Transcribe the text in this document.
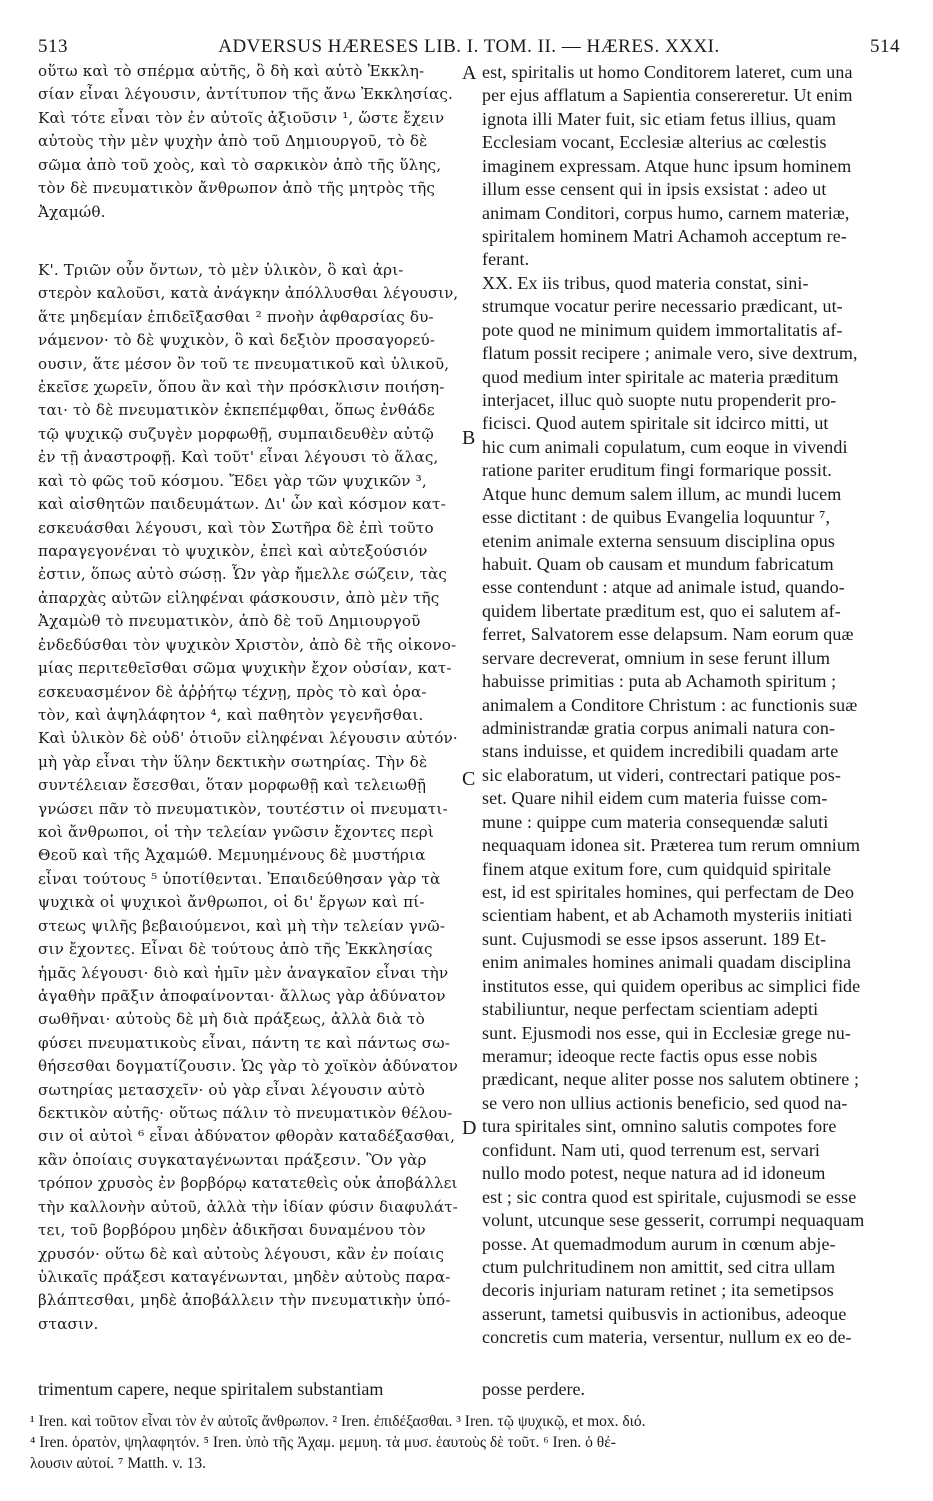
513	ADVERSUS HÆRESES LIB. I. TOM. II. — HÆRES. XXXI.	514
οὕτω καὶ τὸ σπέρμα αὐτῆς, ὃ δὴ καὶ αὐτὸ Ἐκκλη-
σίαν εἶναι λέγουσιν, ἀντίτυπον τῆς ἄνω Ἐκκλησίας.
Καὶ τότε εἶναι τὸν ἐν αὐτοῖς ἀξιοῦσιν ¹, ὥστε ἔχειν
αὐτοὺς τὴν μὲν ψυχὴν ἀπὸ τοῦ Δημιουργοῦ, τὸ δὲ
σῶμα ἀπὸ τοῦ χοὸς, καὶ τὸ σαρκικὸν ἀπὸ τῆς ὕλης,
τὸν δὲ πνευματικὸν ἄνθρωπον ἀπὸ τῆς μητρὸς τῆς
Ἀχαμώθ.
Κ'. Τριῶν οὖν ὄντων, τὸ μὲν ὑλικὸν, ὃ καὶ ἀρι-
στερὸν καλοῦσι, κατὰ ἀνάγκην ἀπόλλυσθαι λέγουσιν,
ἅτε μηδεμίαν ἐπιδεῖξασθαι ² πνοὴν ἀφθαρσίας δυ-
νάμενον· τὸ δὲ ψυχικὸν, ὃ καὶ δεξιὸν προσαγορεύ-
ουσιν, ἅτε μέσον ὂν τοῦ τε πνευματικοῦ καὶ ὑλικοῦ,
ἐκεῖσε χωρεῖν, ὅπου ἂν καὶ τὴν πρόσκλισιν ποιήση-
ται· τὸ δὲ πνευματικὸν ἐκπεπέμφθαι, ὅπως ἐνθάδε
τῷ ψυχικῷ συζυγὲν μορφωθῇ, συμπαιδευθὲν αὐτῷ
ἐν τῇ ἀναστροφῇ. Καὶ τοῦτ' εἶναι λέγουσι τὸ ἅλας,
καὶ τὸ φῶς τοῦ κόσμου. Ἔδει γὰρ τῶν ψυχικῶν ³,
καὶ αἰσθητῶν παιδευμάτων. Δι' ὧν καὶ κόσμον κατ-
εσκευάσθαι λέγουσι, καὶ τὸν Σωτῆρα δὲ ἐπὶ τοῦτο
παραγεγονέναι τὸ ψυχικὸν, ἐπεὶ καὶ αὐτεξούσιόν
ἐστιν, ὅπως αὐτὸ σώσῃ. Ὧν γὰρ ἤμελλε σώζειν, τὰς
ἀπαρχὰς αὐτῶν εἰληφέναι φάσκουσιν, ἀπὸ μὲν τῆς
Ἀχαμὼθ τὸ πνευματικὸν, ἀπὸ δὲ τοῦ Δημιουργοῦ
ἐνδεδύσθαι τὸν ψυχικὸν Χριστὸν, ἀπὸ δὲ τῆς οἰκονο-
μίας περιτεθεῖσθαι σῶμα ψυχικὴν ἔχον οὐσίαν, κατ-
εσκευασμένον δὲ ἀῤῥήτῳ τέχνῃ, πρὸς τὸ καὶ ὁρα-
τὸν, καὶ ἀψηλάφητον ⁴, καὶ παθητὸν γεγενῆσθαι.
Καὶ ὑλικὸν δὲ οὐδ' ὁτιοῦν εἰληφέναι λέγουσιν αὐτόν·
μὴ γὰρ εἶναι τὴν ὕλην δεκτικὴν σωτηρίας. Τὴν δὲ
συντέλειαν ἔσεσθαι, ὅταν μορφωθῇ καὶ τελειωθῇ
γνώσει πᾶν τὸ πνευματικὸν, τουτέστιν οἱ πνευματι-
κοὶ ἄνθρωποι, οἱ τὴν τελείαν γνῶσιν ἔχοντες περὶ
Θεοῦ καὶ τῆς Ἀχαμώθ. Μεμυημένους δὲ μυστήρια
εἶναι τούτους ⁵ ὑποτίθενται. Ἐπαιδεύθησαν γὰρ τὰ
ψυχικὰ οἱ ψυχικοὶ ἄνθρωποι, οἱ δι' ἔργων καὶ πί-
στεως ψιλῆς βεβαιούμενοι, καὶ μὴ τὴν τελείαν γνῶ-
σιν ἔχοντες. Εἶναι δὲ τούτους ἀπὸ τῆς Ἐκκλησίας
ἡμᾶς λέγουσι· διὸ καὶ ἡμῖν μὲν ἀναγκαῖον εἶναι τὴν
ἀγαθὴν πρᾶξιν ἀποφαίνονται· ἄλλως γὰρ ἀδύνατον
σωθῆναι· αὐτοὺς δὲ μὴ διὰ πράξεως, ἀλλὰ διὰ τὸ
φύσει πνευματικοὺς εἶναι, πάντη τε καὶ πάντως σω-
θήσεσθαι δογματίζουσιν. Ὡς γὰρ τὸ χοϊκὸν ἀδύνατον
σωτηρίας μετασχεῖν· οὐ γὰρ εἶναι λέγουσιν αὐτὸ
δεκτικὸν αὐτῆς· οὕτως πάλιν τὸ πνευματικὸν θέλου-
σιν οἱ αὐτοὶ ⁶ εἶναι ἀδύνατον φθορὰν καταδέξασθαι,
κἂν ὁποίαις συγκαταγένωνται πράξεσιν. Ὃν γὰρ
τρόπον χρυσὸς ἐν βορβόρῳ κατατεθεὶς οὐκ ἀποβάλλει
τὴν καλλονὴν αὐτοῦ, ἀλλὰ τὴν ἰδίαν φύσιν διαφυλάτ-
τει, τοῦ βορβόρου μηδὲν ἀδικῆσαι δυναμένου τὸν
χρυσόν· οὕτω δὲ καὶ αὐτοὺς λέγουσι, κἂν ἐν ποίαις
ὑλικαῖς πράξεσι καταγένωνται, μηδὲν αὐτοὺς παρα-
βλάπτεσθαι, μηδὲ ἀποβάλλειν τὴν πνευματικὴν ὑπό-
στασιν.
est, spiritalis ut homo Conditorem lateret, cum una
per ejus afflatum a Sapientia consereretur. Ut enim
ignota illi Mater fuit, sic etiam fetus illius, quam
Ecclesiam vocant, Ecclesiæ alterius ac cœlestis
imaginem expressam. Atque hunc ipsum hominem
illum esse censent qui in ipsis exsistat : adeo ut
animam Conditori, corpus humo, carnem materiæ,
spiritalem hominem Matri Achamoh acceptum re-
ferant.
XX. Ex iis tribus, quod materia constat, sini-
strumque vocatur perire necessario prædicant, ut-
pote quod ne minimum quidem immortalitatis af-
flatum possit recipere ; animale vero, sive dextrum,
quod medium inter spiritale ac materia præditum
interjacet, illuc quò suopte nutu propenderit pro-
ficisci. Quod autem spiritale sit idcirco mitti, ut
hic cum animali copulatum, cum eoque in vivendi
ratione pariter eruditum fingi formarique possit.
Atque hunc demum salem illum, ac mundi lucem
esse dictitant : de quibus Evangelia loquuntur ⁷,
etenim animale externa sensuum disciplina opus
habuit. Quam ob causam et mundum fabricatum
esse contendunt : atque ad animale istud, quando-
quidem libertate præditum est, quo ei salutem af-
ferret, Salvatorem esse delapsum. Nam eorum quæ
servare decreverat, omnium in sese ferunt illum
habuisse primitias : puta ab Achamoth spiritum ;
animalem a Conditore Christum : ac functionis suæ
administrandæ gratia corpus animali natura con-
stans induisse, et quidem incredibili quadam arte
sic elaboratum, ut videri, contrectari patique pos-
set. Quare nihil eidem cum materia fuisse com-
mune : quippe cum materia consequendæ saluti
nequaquam idonea sit. Præterea tum rerum omnium
finem atque exitum fore, cum quidquid spiritale
est, id est spiritales homines, qui perfectam de Deo
scientiam habent, et ab Achamoth mysteriis initiati
sunt. Cujusmodi se esse ipsos asserunt. 189 Et-
enim animales homines animali quadam disciplina
institutos esse, qui quidem operibus ac simplici fide
stabiliuntur, neque perfectam scientiam adepti
sunt. Ejusmodi nos esse, qui in Ecclesiæ grege nu-
meramur; ideoque recte factis opus esse nobis
prædicant, neque aliter posse nos salutem obtinere ;
se vero non ullius actionis beneficio, sed quod na-
tura spiritales sint, omnino salutis compotes fore
confidunt. Nam uti, quod terrenum est, servari
nullo modo potest, neque natura ad id idoneum
est ; sic contra quod est spiritale, cujusmodi se esse
volunt, utcunque sese gesserit, corrumpi nequaquam
posse. At quemadmodum aurum in cœnum abje-
ctum pulchritudinem non amittit, sed citra ullam
decoris injuriam naturam retinet ; ita semetipsos
asserunt, tametsi quibusvis in actionibus, adeoque
concretis cum materia, versentur, nullum ex eo de-
A
B
C
D
trimentum capere, neque spiritalem substantiam	posse perdere.
¹ Iren. καὶ τοῦτον εἶναι τὸν ἐν αὐτοῖς ἄνθρωπον. ² Iren. ἐπιδέξασθαι. ³ Iren. τῷ ψυχικῷ, et mox. διό.
⁴ Iren. ὁρατὸν, ψηλαφητόν. ⁵ Iren. ὑπὸ τῆς Ἀχαμ. μεμυη. τὰ μυσ. ἑαυτοὺς δὲ τοῦτ. ⁶ Iren. ὁ θέ-
λουσιν αὐτοί. ⁷ Matth. v. 13.
